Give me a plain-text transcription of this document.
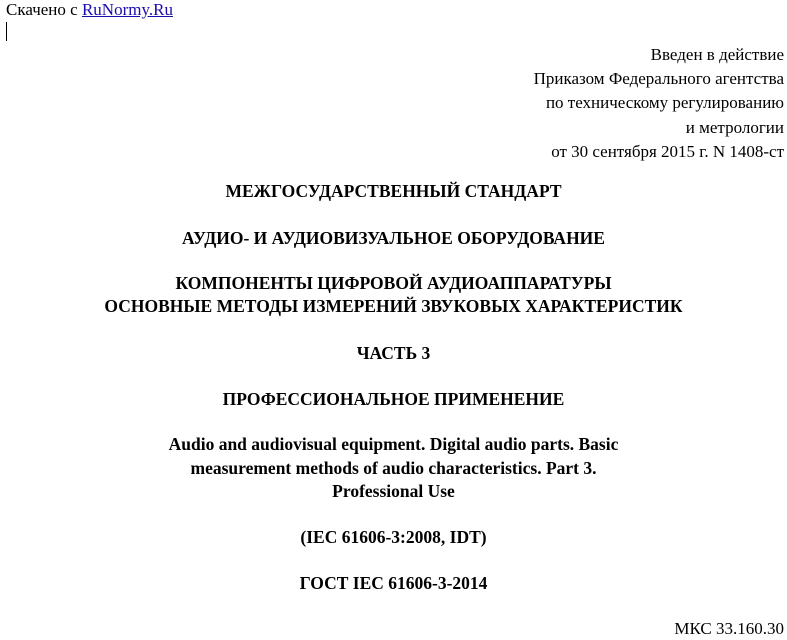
Скачено с RuNormy.Ru
Введен в действие
Приказом Федерального агентства
по техническому регулированию
и метрологии
от 30 сентября 2015 г. N 1408-ст
МЕЖГОСУДАРСТВЕННЫЙ СТАНДАРТ
АУДИО- И АУДИОВИЗУАЛЬНОЕ ОБОРУДОВАНИЕ
КОМПОНЕНТЫ ЦИФРОВОЙ АУДИОАППАРАТУРЫ
ОСНОВНЫЕ МЕТОДЫ ИЗМЕРЕНИЙ ЗВУКОВЫХ ХАРАКТЕРИСТИК
ЧАСТЬ 3
ПРОФЕССИОНАЛЬНОЕ ПРИМЕНЕНИЕ
Audio and audiovisual equipment. Digital audio parts. Basic
measurement methods of audio characteristics. Part 3.
Professional Use
(IEC 61606-3:2008, IDT)
ГОСТ IEC 61606-3-2014
МКС 33.160.30
